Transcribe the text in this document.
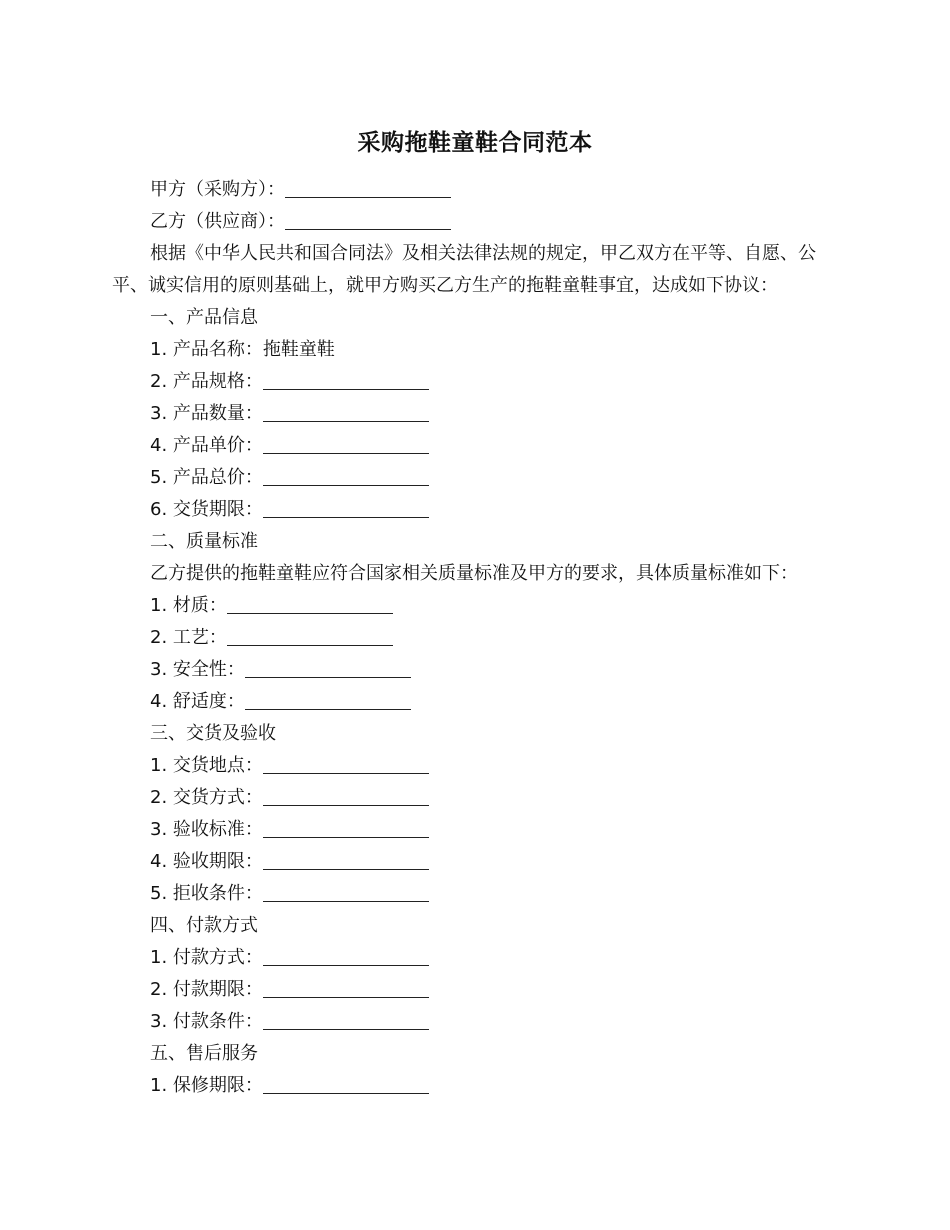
采购拖鞋童鞋合同范本
甲方（采购方）：
乙方（供应商）：
根据《中华人民共和国合同法》及相关法律法规的规定，甲乙双方在平等、自愿、公平、诚实信用的原则基础上，就甲方购买乙方生产的拖鞋童鞋事宜，达成如下协议：
一、产品信息
1. 产品名称：拖鞋童鞋
2. 产品规格：
3. 产品数量：
4. 产品单价：
5. 产品总价：
6. 交货期限：
二、质量标准
乙方提供的拖鞋童鞋应符合国家相关质量标准及甲方的要求，具体质量标准如下：
1. 材质：
2. 工艺：
3. 安全性：
4. 舒适度：
三、交货及验收
1. 交货地点：
2. 交货方式：
3. 验收标准：
4. 验收期限：
5. 拒收条件：
四、付款方式
1. 付款方式：
2. 付款期限：
3. 付款条件：
五、售后服务
1. 保修期限：
